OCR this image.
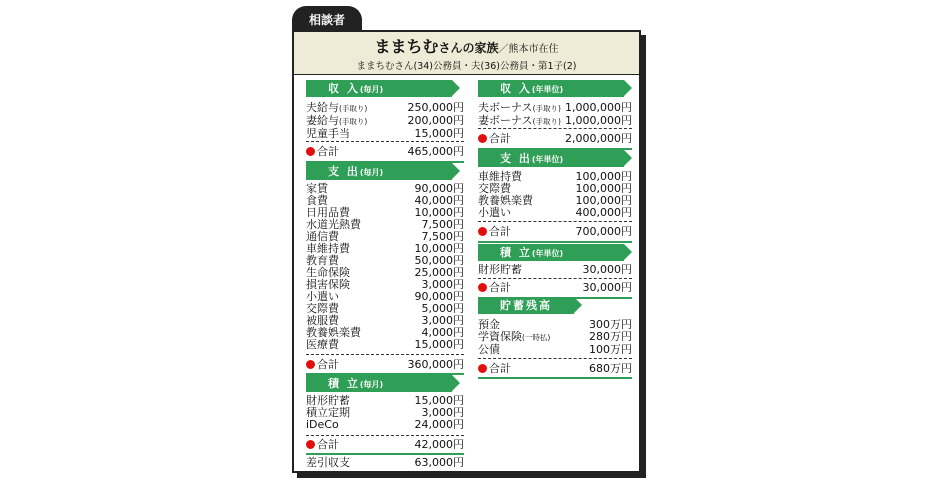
相談者
ままちむさんの家族／熊本市在住
ままちむさん(34)公務員・夫(36)公務員・第1子(2)
収 入(毎月)
夫給与(手取り)	250,000円
妻給与(手取り)	200,000円
児童手当	15,000円
合計	465,000円
支 出(毎月)
家賃	90,000円
食費	40,000円
日用品費	10,000円
水道光熱費	7,500円
通信費	7,500円
車維持費	10,000円
教育費	50,000円
生命保険	25,000円
損害保険	3,000円
小遣い	90,000円
交際費	5,000円
被服費	3,000円
教養娯楽費	4,000円
医療費	15,000円
合計	360,000円
積 立(毎月)
財形貯蓄	15,000円
積立定期	3,000円
iDeCo	24,000円
合計	42,000円
差引収支	63,000円
収 入(年単位)
夫ボーナス(手取り) 1,000,000円
妻ボーナス(手取り) 1,000,000円
合計	2,000,000円
支 出(年単位)
車維持費	100,000円
交際費	100,000円
教養娯楽費	100,000円
小遣い	400,000円
合計	700,000円
積 立(年単位)
財形貯蓄	30,000円
合計	30,000円
貯蓄残高
預金	300万円
学資保険(一時払)	280万円
公債	100万円
合計	680万円
